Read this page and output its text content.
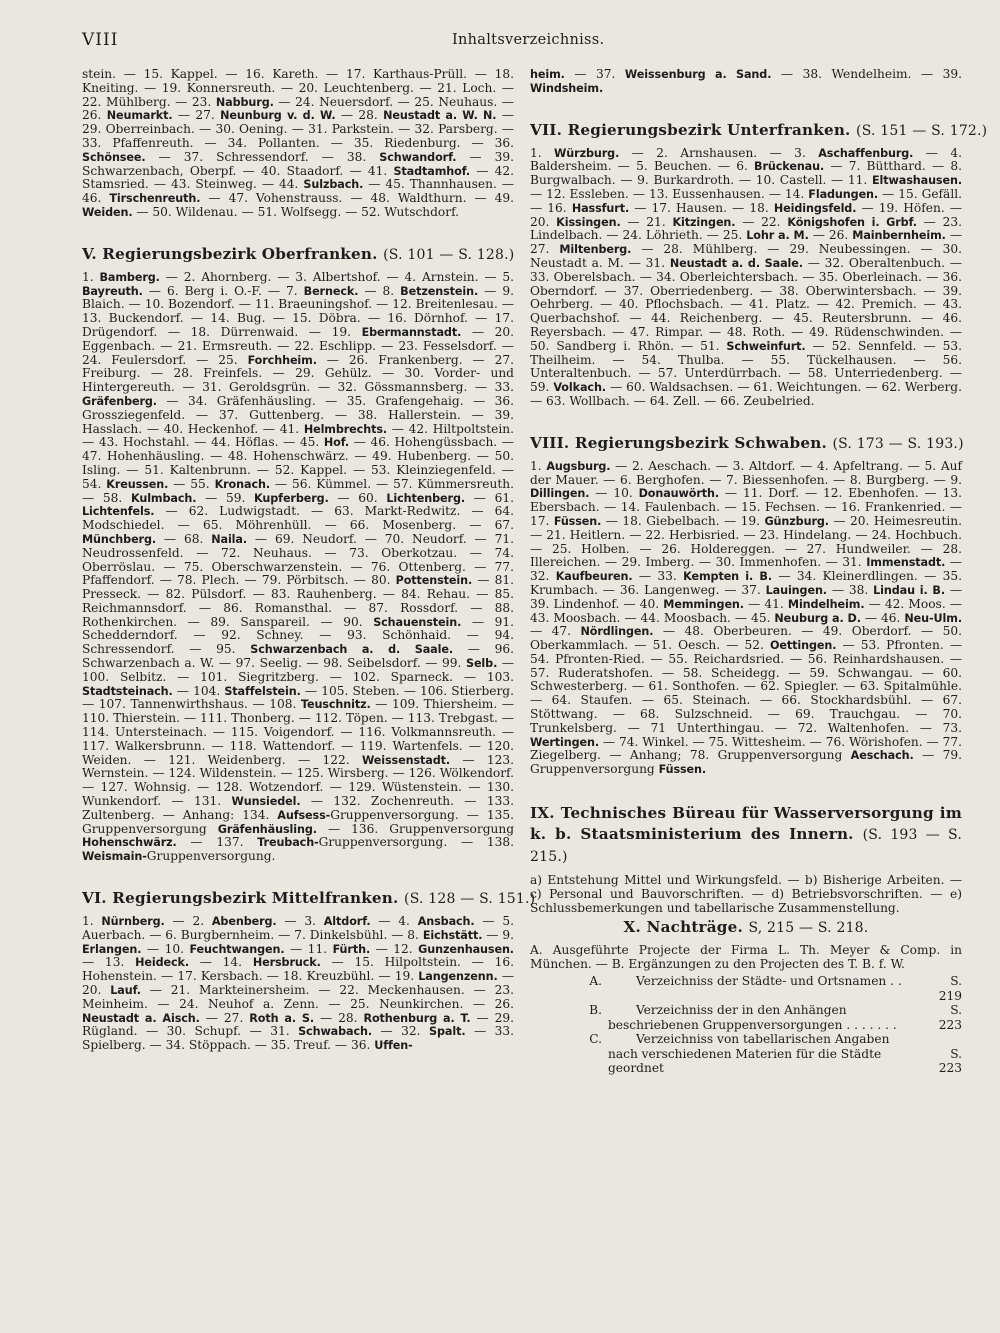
VIII	Inhaltsverzeichniss.

stein. — 15. Kappel. — 16. Kareth. — 17. Karthaus-Prüll. — 18. Kneiting. — 19. Konnersreuth. — 20. Leuchtenberg. — 21. Loch. — 22. Mühlberg. — 23. Nabburg. — 24. Neuersdorf. — 25. Neuhaus. — 26. Neumarkt. — 27. Neunburg v. d. W. — 28. Neustadt a. W. N. — 29. Oberreinbach. — 30. Oening. — 31. Parkstein. — 32. Parsberg. — 33. Pfaffenreuth. — 34. Pollanten. — 35. Riedenburg. — 36. Schönsee. — 37. Schressendorf. — 38. Schwandorf. — 39. Schwarzenbach, Oberpf. — 40. Staadorf. — 41. Stadtamhof. — 42. Stamsried. — 43. Steinweg. — 44. Sulzbach. — 45. Thannhausen. — 46. Tirschenreuth. — 47. Vohenstrauss. — 48. Waldthurn. — 49. Weiden. — 50. Wildenau. — 51. Wolfsegg. — 52. Wutschdorf.

V. Regierungsbezirk Oberfranken. (S. 101 — S. 128.)

1. Bamberg. — 2. Ahornberg. — 3. Albertshof. — 4. Arnstein. — 5. Bayreuth. — 6. Berg i. O.-F. — 7. Berneck. — 8. Betzenstein. — 9. Blaich. — 10. Bozendorf. — 11. Braeuningshof. — 12. Breitenlesau. — 13. Buckendorf. — 14. Bug. — 15. Döbra. — 16. Dörnhof. — 17. Drügendorf. — 18. Dürrenwaid. — 19. Ebermannstadt. — 20. Eggenbach. — 21. Ermsreuth. — 22. Eschlipp. — 23. Fesselsdorf. — 24. Feulersdorf. — 25. Forchheim. — 26. Frankenberg. — 27. Freiburg. — 28. Freinfels. — 29. Gehülz. — 30. Vorder- und Hintergereuth. — 31. Geroldsgrün. — 32. Gössmannsberg. — 33. Gräfenberg. — 34. Gräfenhäusling. — 35. Grafengehaig. — 36. Grossziegenfeld. — 37. Guttenberg. — 38. Hallerstein. — 39. Hasslach. — 40. Heckenhof. — 41. Helmbrechts. — 42. Hiltpoltstein. — 43. Hochstahl. — 44. Höflas. — 45. Hof. — 46. Hohengüssbach. — 47. Hohenhäusling. — 48. Hohenschwärz. — 49. Hubenberg. — 50. Isling. — 51. Kaltenbrunn. — 52. Kappel. — 53. Kleinziegenfeld. — 54. Kreussen. — 55. Kronach. — 56. Kümmel. — 57. Kümmersreuth. — 58. Kulmbach. — 59. Kupferberg. — 60. Lichtenberg. — 61. Lichtenfels. — 62. Ludwigstadt. — 63. Markt-Redwitz. — 64. Modschiedel. — 65. Möhrenhüll. — 66. Mosenberg. — 67. Münchberg. — 68. Naila. — 69. Neudorf. — 70. Neudorf. — 71. Neudrossenfeld. — 72. Neuhaus. — 73. Oberkotzau. — 74. Oberröslau. — 75. Oberschwarzenstein. — 76. Ottenberg. — 77. Pfaffendorf. — 78. Plech. — 79. Pörbitsch. — 80. Pottenstein. — 81. Presseck. — 82. Pülsdorf. — 83. Rauhenberg. — 84. Rehau. — 85. Reichmannsdorf. — 86. Romansthal. — 87. Rossdorf. — 88. Rothenkirchen. — 89. Sanspareil. — 90. Schauenstein. — 91. Schedderndorf. — 92. Schney. — 93. Schönhaid. — 94. Schressendorf. — 95. Schwarzenbach a. d. Saale. — 96. Schwarzenbach a. W. — 97. Seelig. — 98. Seibelsdorf. — 99. Selb. — 100. Selbitz. — 101. Siegritzberg. — 102. Sparneck. — 103. Stadtsteinach. — 104. Staffelstein. — 105. Steben. — 106. Stierberg. — 107. Tannenwirthshaus. — 108. Teuschnitz. — 109. Thiersheim. — 110. Thierstein. — 111. Thonberg. — 112. Töpen. — 113. Trebgast. — 114. Untersteinach. — 115. Voigendorf. — 116. Volkmannsreuth. — 117. Walkersbrunn. — 118. Wattendorf. — 119. Wartenfels. — 120. Weiden. — 121. Weidenberg. — 122. Weissenstadt. — 123. Wernstein. — 124. Wildenstein. — 125. Wirsberg. — 126. Wölkendorf. — 127. Wohnsig. — 128. Wotzendorf. — 129. Wüstenstein. — 130. Wunkendorf. — 131. Wunsiedel. — 132. Zochenreuth. — 133. Zultenberg. — Anhang: 134. Aufsess-Gruppenversorgung. — 135. Gruppenversorgung Gräfenhäusling. — 136. Gruppenversorgung Hohenschwärz. — 137. Treubach-Gruppenversorgung. — 138. Weismain-Gruppenversorgung.

VI. Regierungsbezirk Mittelfranken. (S. 128 — S. 151.)

1. Nürnberg. — 2. Abenberg. — 3. Altdorf. — 4. Ansbach. — 5. Auerbach. — 6. Burgbernheim. — 7. Dinkelsbühl. — 8. Eichstätt. — 9. Erlangen. — 10. Feuchtwangen. — 11. Fürth. — 12. Gunzenhausen. — 13. Heideck. — 14. Hersbruck. — 15. Hilpoltstein. — 16. Hohenstein. — 17. Kersbach. — 18. Kreuzbühl. — 19. Langenzenn. — 20. Lauf. — 21. Markteinersheim. — 22. Meckenhausen. — 23. Meinheim. — 24. Neuhof a. Zenn. — 25. Neunkirchen. — 26. Neustadt a. Aisch. — 27. Roth a. S. — 28. Rothenburg a. T. — 29. Rügland. — 30. Schupf. — 31. Schwabach. — 32. Spalt. — 33. Spielberg. — 34. Stöppach. — 35. Treuf. — 36. Uffen-

heim. — 37. Weissenburg a. Sand. — 38. Wendelheim. — 39. Windsheim.

VII. Regierungsbezirk Unterfranken. (S. 151 — S. 172.)

1. Würzburg. — 2. Arnshausen. — 3. Aschaffenburg. — 4. Baldersheim. — 5. Beuchen. — 6. Brückenau. — 7. Bütthard. — 8. Burgwalbach. — 9. Burkardroth. — 10. Castell. — 11. Eltwashausen. — 12. Essleben. — 13. Eussenhausen. — 14. Fladungen. — 15. Gefäll. — 16. Hassfurt. — 17. Hausen. — 18. Heidingsfeld. — 19. Höfen. — 20. Kissingen. — 21. Kitzingen. — 22. Königshofen i. Grbf. — 23. Lindelbach. — 24. Löhrieth. — 25. Lohr a. M. — 26. Mainbernheim. — 27. Miltenberg. — 28. Mühlberg. — 29. Neubessingen. — 30. Neustadt a. M. — 31. Neustadt a. d. Saale. — 32. Oberaltenbuch. — 33. Oberelsbach. — 34. Oberleichtersbach. — 35. Oberleinach. — 36. Oberndorf. — 37. Oberriedenberg. — 38. Oberwintersbach. — 39. Oehrberg. — 40. Pflochsbach. — 41. Platz. — 42. Premich. — 43. Querbachshof. — 44. Reichenberg. — 45. Reutersbrunn. — 46. Reyersbach. — 47. Rimpar. — 48. Roth. — 49. Rüdenschwinden. — 50. Sandberg i. Rhön. — 51. Schweinfurt. — 52. Sennfeld. — 53. Theilheim. — 54. Thulba. — 55. Tückelhausen. — 56. Unteraltenbuch. — 57. Unterdürrbach. — 58. Unterriedenberg. — 59. Volkach. — 60. Waldsachsen. — 61. Weichtungen. — 62. Werberg. — 63. Wollbach. — 64. Zell. — 66. Zeubelried.

VIII. Regierungsbezirk Schwaben. (S. 173 — S. 193.)

1. Augsburg. — 2. Aeschach. — 3. Altdorf. — 4. Apfeltrang. — 5. Auf der Mauer. — 6. Berghofen. — 7. Biessenhofen. — 8. Burgberg. — 9. Dillingen. — 10. Donauwörth. — 11. Dorf. — 12. Ebenhofen. — 13. Ebersbach. — 14. Faulenbach. — 15. Fechsen. — 16. Frankenried. — 17. Füssen. — 18. Giebelbach. — 19. Günzburg. — 20. Heimesreutin. — 21. Heitlern. — 22. Herbisried. — 23. Hindelang. — 24. Hochbuch. — 25. Holben. — 26. Holdereggen. — 27. Hundweiler. — 28. Illereichen. — 29. Imberg. — 30. Immenhofen. — 31. Immenstadt. — 32. Kaufbeuren. — 33. Kempten i. B. — 34. Kleinerdlingen. — 35. Krumbach. — 36. Langenweg. — 37. Lauingen. — 38. Lindau i. B. — 39. Lindenhof. — 40. Memmingen. — 41. Mindelheim. — 42. Moos. — 43. Moosbach. — 44. Moosbach. — 45. Neuburg a. D. — 46. Neu-Ulm. — 47. Nördlingen. — 48. Oberbeuren. — 49. Oberdorf. — 50. Oberkammlach. — 51. Oesch. — 52. Oettingen. — 53. Pfronten. — 54. Pfronten-Ried. — 55. Reichardsried. — 56. Reinhardshausen. — 57. Ruderatshofen. — 58. Scheidegg. — 59. Schwangau. — 60. Schwesterberg. — 61. Sonthofen. — 62. Spiegler. — 63. Spitalmühle. — 64. Staufen. — 65. Steinach. — 66. Stockhardsbühl. — 67. Stöttwang. — 68. Sulzschneid. — 69. Trauchgau. — 70. Trunkelsberg. — 71 Unterthingau. — 72. Waltenhofen. — 73. Wertingen. — 74. Winkel. — 75. Wittesheim. — 76. Wörishofen. — 77. Ziegelberg. — Anhang; 78. Gruppenversorgung Aeschach. — 79. Gruppenversorgung Füssen.

IX. Technisches Büreau für Wasserversorgung im k. b. Staatsministerium des Innern. (S. 193 — S. 215.)

a) Entstehung Mittel und Wirkungsfeld. — b) Bisherige Arbeiten. — c) Personal und Bauvorschriften. — d) Betriebsvorschriften. — e) Schlussbemerkungen und tabellarische Zusammenstellung.

X. Nachträge. S, 215 — S. 218.

A. Ausgeführte Projecte der Firma L. Th. Meyer & Comp. in München. — B. Ergänzungen zu den Projecten des T. B. f. W.

A.	Verzeichniss der Städte- und Ortsnamen . .	S. 219
B.	Verzeichniss der in den Anhängen beschriebenen Gruppenversorgungen . . . . . . .
S. 223
C.	Verzeichniss von tabellarischen Angaben nach verschiedenen Materien für die Städte geordnet
S. 223
